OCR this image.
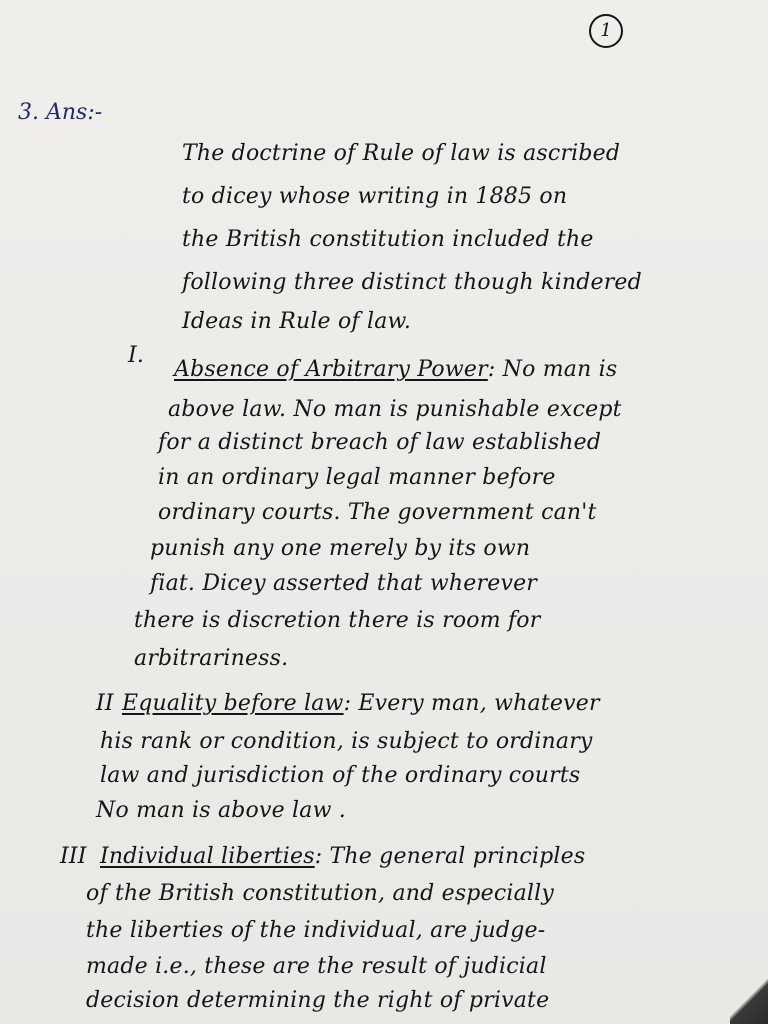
1
3. Ans:-
The doctrine of Rule of law is ascribed
to dicey whose writing in 1885 on
the British constitution included the
following three distinct though kindered
Ideas in Rule of law.
I.
Absence of Arbitrary Power: No man is
above law. No man is punishable except
for a distinct breach of law established
in an ordinary legal manner before
ordinary courts. The government can't
punish any one merely by its own
fiat. Dicey asserted that wherever
there is discretion there is room for
arbitrariness.
II Equality before law: Every man, whatever
his rank or condition, is subject to ordinary
law and jurisdiction of the ordinary courts
No man is above law .
III Individual liberties: The general principles
of the British constitution, and especially
the liberties of the individual, are judge-
made i.e., these are the result of judicial
decision determining the right of private
